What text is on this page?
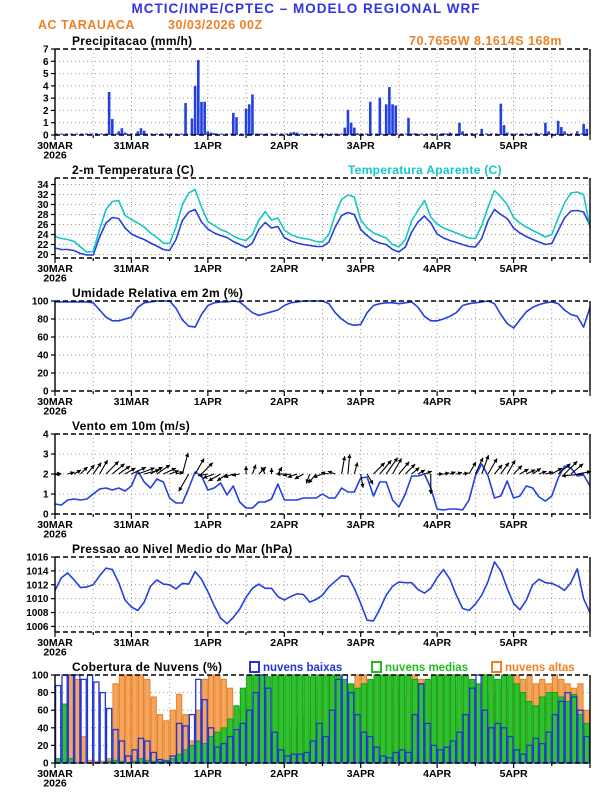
MCTIC/INPE/CPTEC – MODELO REGIONAL WRF
AC TARAUACA	30/03/2026 00Z
Precipitacao (mm/h)	70.7656W 8.1614S 168m
0
1
2
3
4
5
6
7
30MAR	31MAR	1APR	2APR	3APR	4APR	5APR
2026
2-m Temperatura (C)	Temperatura Aparente (C)
20
22
24
26
28
30
32
34
30MAR	31MAR	1APR	2APR	3APR	4APR	5APR
2026
Umidade Relativa em 2m (%)
0
20
40
60
80
100
30MAR	31MAR	1APR	2APR	3APR	4APR	5APR
2026
Vento em 10m (m/s)
0
1
2
3
4
30MAR	31MAR	1APR	2APR	3APR	4APR	5APR
2026
Pressao ao Nivel Medio do Mar (hPa)
1006
1008
1010
1012
1014
1016
30MAR	31MAR	1APR	2APR	3APR	4APR	5APR
2026
Cobertura de Nuvens (%)	nuvens baixas	nuvens medias	nuvens altas
0
20
40
60
80
100
30MAR	31MAR	1APR	2APR	3APR	4APR	5APR
2026
